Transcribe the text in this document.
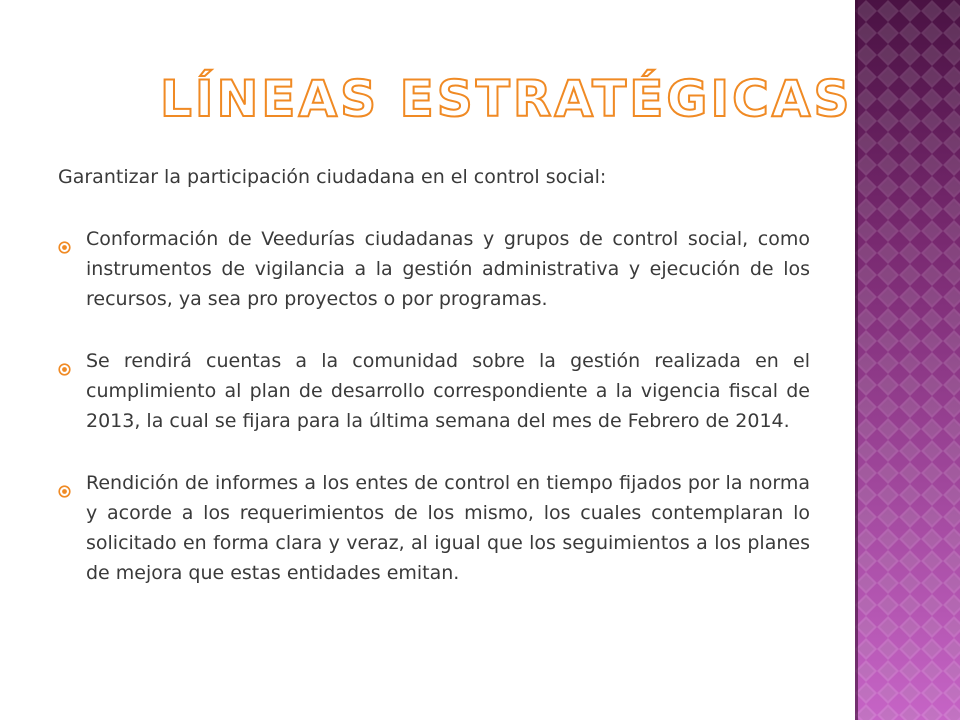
LÍNEAS ESTRATÉGICAS

Garantizar la participación ciudadana en el control social:

Conformación de Veedurías ciudadanas y grupos de control social, como instrumentos de vigilancia a la gestión administrativa y ejecución de los recursos, ya sea pro proyectos o por programas.
Se rendirá cuentas a la comunidad sobre la gestión realizada en el cumplimiento al plan de desarrollo correspondiente a la vigencia fiscal de 2013, la cual se fijara para la última semana del mes de Febrero de 2014.
Rendición de informes a los entes de control en tiempo fijados por la norma y acorde a los requerimientos de los mismo, los cuales contemplaran lo solicitado en forma clara y veraz, al igual que los seguimientos a los planes de mejora que estas entidades emitan.
